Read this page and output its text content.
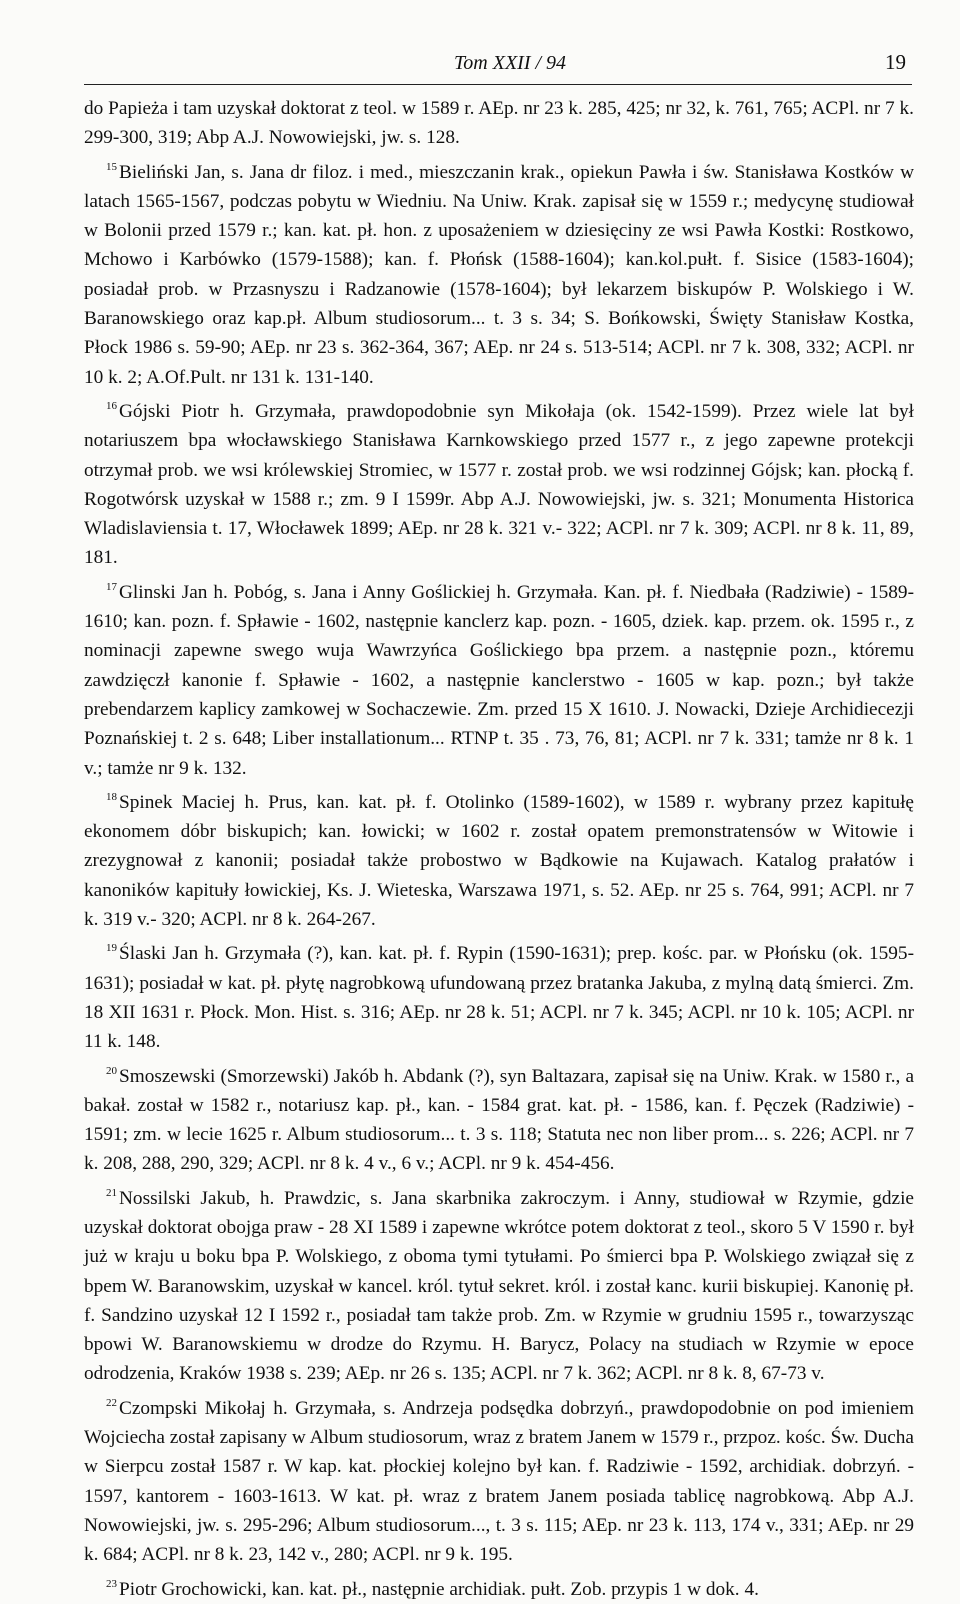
Tom XXII / 94	19

do Papieża i tam uzyskał doktorat z teol. w 1589 r. AEp. nr 23 k. 285, 425; nr 32, k. 761, 765; ACPl. nr 7 k. 299-300, 319; Abp A.J. Nowowiejski, jw. s. 128.

$^{15}$ Bieliński Jan, s. Jana dr filoz. i med., mieszczanin krak., opiekun Pawła i św. Stanisława Kostków w latach 1565-1567, podczas pobytu w Wiedniu. Na Uniw. Krak. zapisał się w 1559 r.; medycynę studiował w Bolonii przed 1579 r.; kan. kat. pł. hon. z uposażeniem w dziesięciny ze wsi Pawła Kostki: Rostkowo, Mchowo i Karbówko (1579-1588); kan. f. Płońsk (1588-1604); kan.kol.pułt. f. Sisice (1583-1604); posiadał prob. w Przasnyszu i Radzanowie (1578-1604); był lekarzem biskupów P. Wolskiego i W. Baranowskiego oraz kap.pł. Album studiosorum... t. 3 s. 34; S. Bońkowski, Święty Stanisław Kostka, Płock 1986 s. 59-90; AEp. nr 23 s. 362-364, 367; AEp. nr 24 s. 513-514; ACPl. nr 7 k. 308, 332; ACPl. nr 10 k. 2; A.Of.Pult. nr 131 k. 131-140.

$^{16}$ Gójski Piotr h. Grzymała, prawdopodobnie syn Mikołaja (ok. 1542-1599). Przez wiele lat był notariuszem bpa włocławskiego Stanisława Karnkowskiego przed 1577 r., z jego zapewne protekcji otrzymał prob. we wsi królewskiej Stromiec, w 1577 r. został prob. we wsi rodzinnej Gójsk; kan. płocką f. Rogotwórsk uzyskał w 1588 r.; zm. 9 I 1599r. Abp A.J. Nowowiejski, jw. s. 321; Monumenta Historica Wladislaviensia t. 17, Włocławek 1899; AEp. nr 28 k. 321 v.- 322; ACPl. nr 7 k. 309; ACPl. nr 8 k. 11, 89, 181.

$^{17}$ Glinski Jan h. Pobóg, s. Jana i Anny Goślickiej h. Grzymała. Kan. pł. f. Niedbała (Radziwie) - 1589-1610; kan. pozn. f. Spławie - 1602, następnie kanclerz kap. pozn. - 1605, dziek. kap. przem. ok. 1595 r., z nominacji zapewne swego wuja Wawrzyńca Goślickiego bpa przem. a następnie pozn., któremu zawdzięczł kanonie f. Spławie - 1602, a następnie kanclerstwo - 1605 w kap. pozn.; był także prebendarzem kaplicy zamkowej w Sochaczewie. Zm. przed 15 X 1610. J. Nowacki, Dzieje Archidiecezji Poznańskiej t. 2 s. 648; Liber installationum... RTNP t. 35 . 73, 76, 81; ACPl. nr 7 k. 331; tamże nr 8 k. 1 v.; tamże nr 9 k. 132.

$^{18}$ Spinek Maciej h. Prus, kan. kat. pł. f. Otolinko (1589-1602), w 1589 r. wybrany przez kapitułę ekonomem dóbr biskupich; kan. łowicki; w 1602 r. został opatem premonstratensów w Witowie i zrezygnował z kanonii; posiadał także probostwo w Bądkowie na Kujawach. Katalog prałatów i kanoników kapituły łowickiej, Ks. J. Wieteska, Warszawa 1971, s. 52. AEp. nr 25 s. 764, 991; ACPl. nr 7 k. 319 v.- 320; ACPl. nr 8 k. 264-267.

$^{19}$ Ślaski Jan h. Grzymała (?), kan. kat. pł. f. Rypin (1590-1631); prep. kośc. par. w Płońsku (ok. 1595-1631); posiadał w kat. pł. płytę nagrobkową ufundowaną przez bratanka Jakuba, z mylną datą śmierci. Zm. 18 XII 1631 r. Płock. Mon. Hist. s. 316; AEp. nr 28 k. 51; ACPl. nr 7 k. 345; ACPl. nr 10 k. 105; ACPl. nr 11 k. 148.

$^{20}$ Smoszewski (Smorzewski) Jakób h. Abdank (?), syn Baltazara, zapisał się na Uniw. Krak. w 1580 r., a bakał. został w 1582 r., notariusz kap. pł., kan. - 1584 grat. kat. pł. - 1586, kan. f. Pęczek (Radziwie) - 1591; zm. w lecie 1625 r. Album studiosorum... t. 3 s. 118; Statuta nec non liber prom... s. 226; ACPl. nr 7 k. 208, 288, 290, 329; ACPl. nr 8 k. 4 v., 6 v.; ACPl. nr 9 k. 454-456.

$^{21}$ Nossilski Jakub, h. Prawdzic, s. Jana skarbnika zakroczym. i Anny, studiował w Rzymie, gdzie uzyskał doktorat obojga praw - 28 XI 1589 i zapewne wkrótce potem doktorat z teol., skoro 5 V 1590 r. był już w kraju u boku bpa P. Wolskiego, z oboma tymi tytułami. Po śmierci bpa P. Wolskiego związał się z bpem W. Baranowskim, uzyskał w kancel. król. tytuł sekret. król. i został kanc. kurii biskupiej. Kanonię pł. f. Sandzino uzyskał 12 I 1592 r., posiadał tam także prob. Zm. w Rzymie w grudniu 1595 r., towarzysząc bpowi W. Baranowskiemu w drodze do Rzymu. H. Barycz, Polacy na studiach w Rzymie w epoce odrodzenia, Kraków 1938 s. 239; AEp. nr 26 s. 135; ACPl. nr 7 k. 362; ACPl. nr 8 k. 8, 67-73 v.

$^{22}$ Czompski Mikołaj h. Grzymała, s. Andrzeja podsędka dobrzyń., prawdopodobnie on pod imieniem Wojciecha został zapisany w Album studiosorum, wraz z bratem Janem w 1579 r., przpoz. kośc. Św. Ducha w Sierpcu został 1587 r. W kap. kat. płockiej kolejno był kan. f. Radziwie - 1592, archidiak. dobrzyń. - 1597, kantorem - 1603-1613. W kat. pł. wraz z bratem Janem posiada tablicę nagrobkową. Abp A.J. Nowowiejski, jw. s. 295-296; Album studiosorum..., t. 3 s. 115; AEp. nr 23 k. 113, 174 v., 331; AEp. nr 29 k. 684; ACPl. nr 8 k. 23, 142 v., 280; ACPl. nr 9 k. 195.

$^{23}$ Piotr Grochowicki, kan. kat. pł., następnie archidiak. pułt. Zob. przypis 1 w dok. 4.
